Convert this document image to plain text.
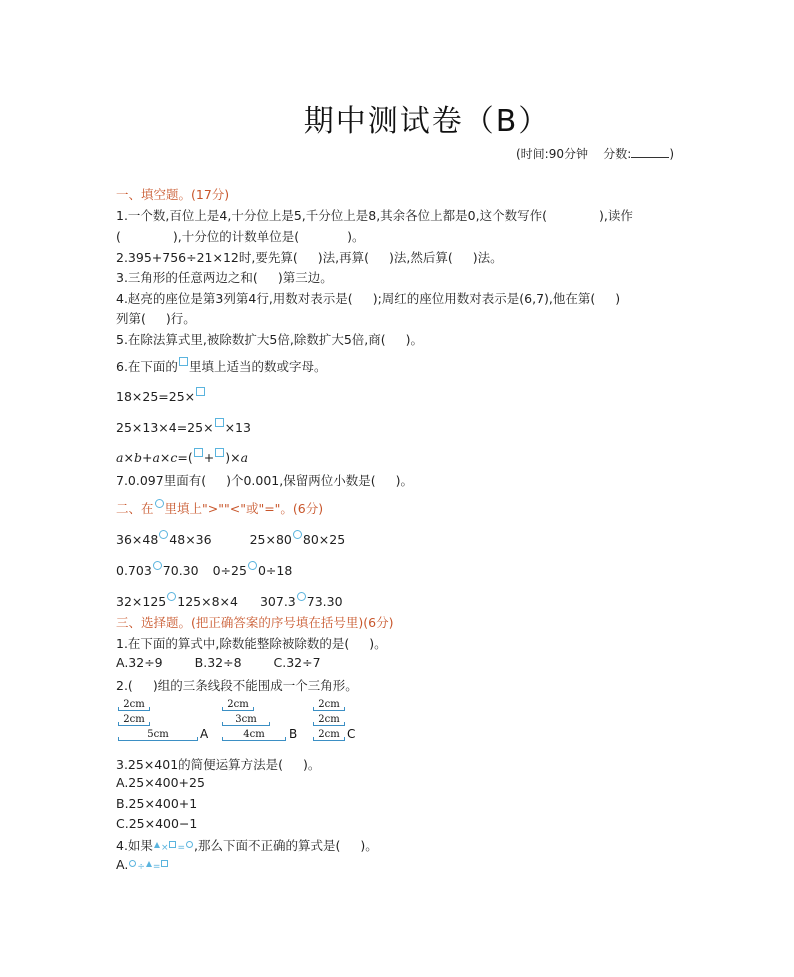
期中测试卷（B）
(时间:90分钟 分数:	)
一、填空题。(17分)
1.一个数,百位上是4,十分位上是5,千分位上是8,其余各位上都是0,这个数写作(	),读作
(	),十分位的计数单位是(	)。
2.395+756÷21×12时,要先算( )法,再算( )法,然后算( )法。
3.三角形的任意两边之和( )第三边。
4.赵亮的座位是第3列第4行,用数对表示是( );周红的座位用数对表示是(6,7),他在第( )
列第( )行。
5.在除法算式里,被除数扩大5倍,除数扩大5倍,商( )。
6.在下面的 里填上适当的数或字母。
18×25=25×
25×13×4=25× ×13
a×b+a×c=( + )×a
7.0.097里面有( )个0.001,保留两位小数是( )。
二、在 里填上">""<"或"="。(6分)
36×48 48×36	25×80 80×25
0.703 70.30 0÷25 0÷18
32×125 125×8×4 307.3 73.30
三、选择题。(把正确答案的序号填在括号里)(6分)
1.在下面的算式中,除数能整除被除数的是( )。
A.32÷9	B.32÷8	C.32÷7
2.( )组的三条线段不能围成一个三角形。
2cm
2cm
5cm	A
2cm
3cm
4cm	B
2cm
2cm
2cm C
3.25×401的简便运算方法是( )。
A.25×400+25
B.25×400+1
C.25×400−1
4.如果 × = ,那么下面不正确的算式是( )。
A. ÷ =
